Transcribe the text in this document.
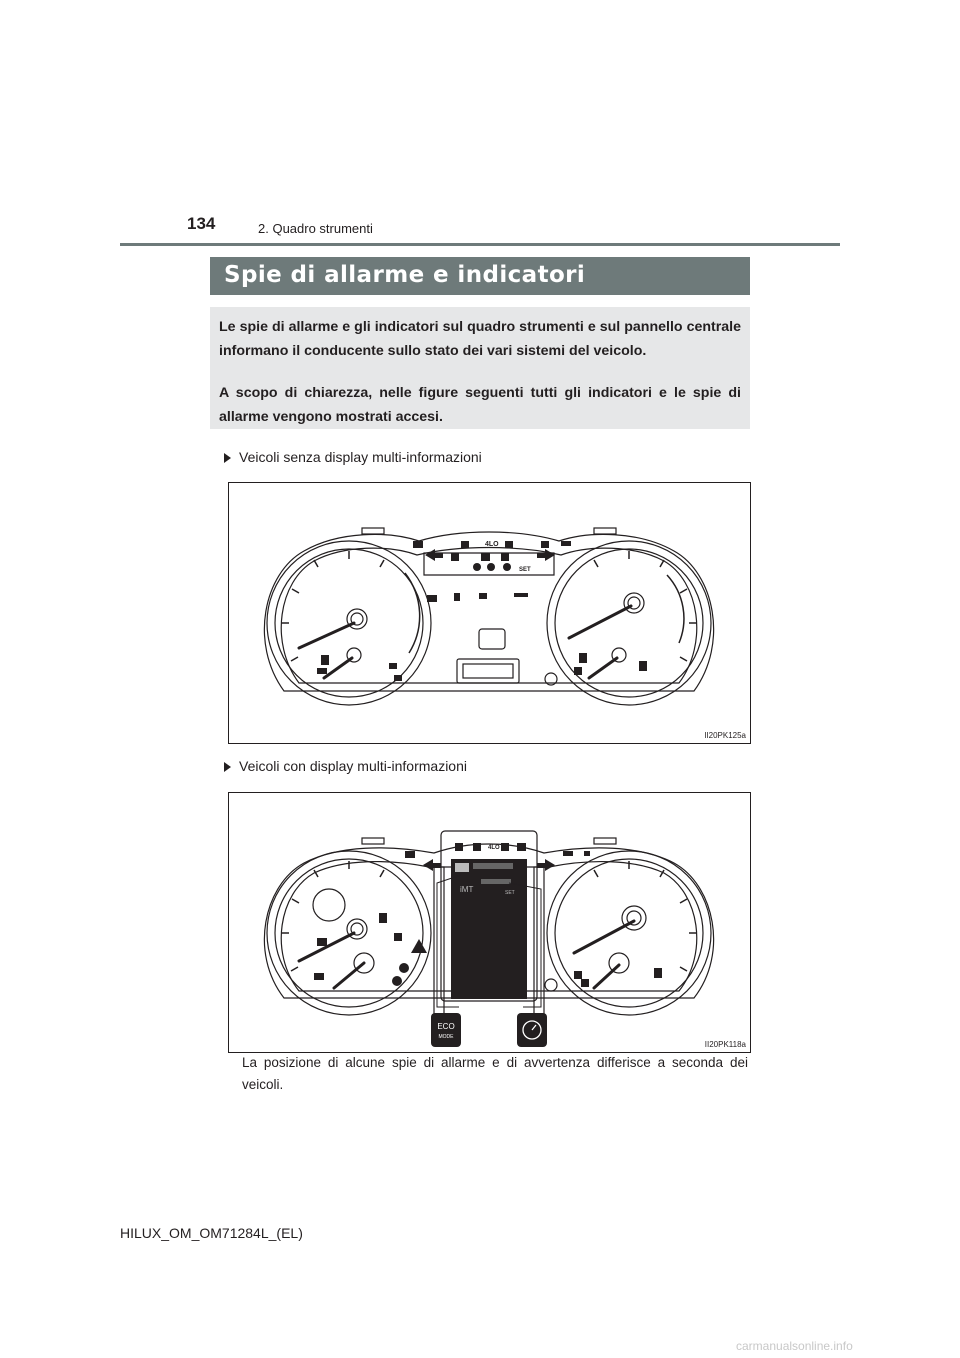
134	2. Quadro strumenti
Spie di allarme e indicatori

Le spie di allarme e gli indicatori sul quadro strumenti e sul pannello centrale informano il conducente sullo stato dei vari sistemi del veicolo.

A scopo di chiarezza, nelle figure seguenti tutti gli indicatori e le spie di allarme vengono mostrati accesi.

Veicoli senza display multi-informazioni
4LO
SET
II20PK125a
Veicoli con display multi-informazioni
ECO
MODE
iMT
4LO
SET
II20PK118a
La posizione di alcune spie di allarme e di avvertenza differisce a seconda dei veicoli.
HILUX_OM_OM71284L_(EL)
carmanualsonline.info
